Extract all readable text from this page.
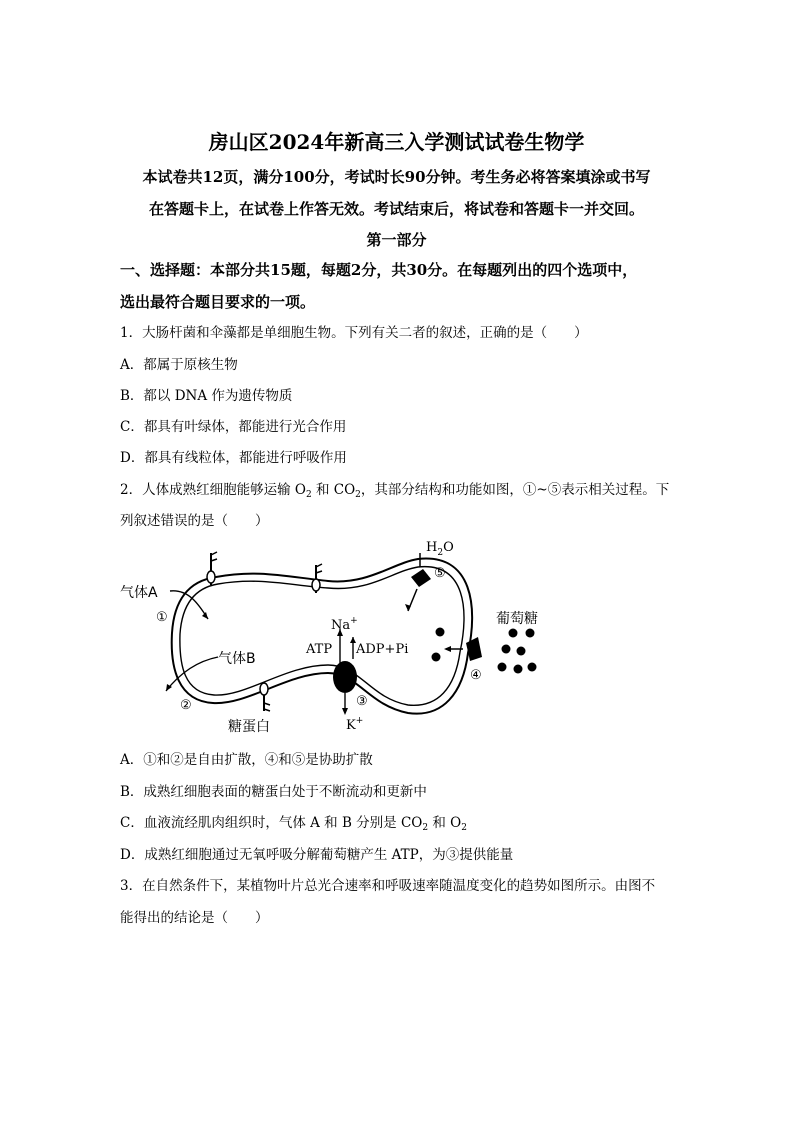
房山区2024年新高三入学测试试卷生物学
本试卷共12页，满分100分，考试时长90分钟。考生务必将答案填涂或书写
在答题卡上，在试卷上作答无效。考试结束后，将试卷和答题卡一并交回。
第一部分
一、选择题：本部分共15题，每题2分，共30分。在每题列出的四个选项中，
选出最符合题目要求的一项。
1．大肠杆菌和伞藻都是单细胞生物。下列有关二者的叙述，正确的是（　　）
A．都属于原核生物
B．都以 DNA 作为遗传物质
C．都具有叶绿体，都能进行光合作用
D．都具有线粒体，都能进行呼吸作用
2．人体成熟红细胞能够运输 $O_2$ 和 $CO_2$，其部分结构和功能如图，①~⑤表示相关过程。下
列叙述错误的是（　　）
$H_2O$
⑤
气体A
①
气体B
②
糖蛋白
Na+
ATP ADP+Pi
③
K+
④
葡萄糖
A．①和②是自由扩散，④和⑤是协助扩散
B．成熟红细胞表面的糖蛋白处于不断流动和更新中
C．血液流经肌肉组织时，气体 A 和 B 分别是 $CO_2$ 和 $O_2$
D．成熟红细胞通过无氧呼吸分解葡萄糖产生 ATP，为③提供能量
3．在自然条件下，某植物叶片总光合速率和呼吸速率随温度变化的趋势如图所示。由图不
能得出的结论是（　　）
